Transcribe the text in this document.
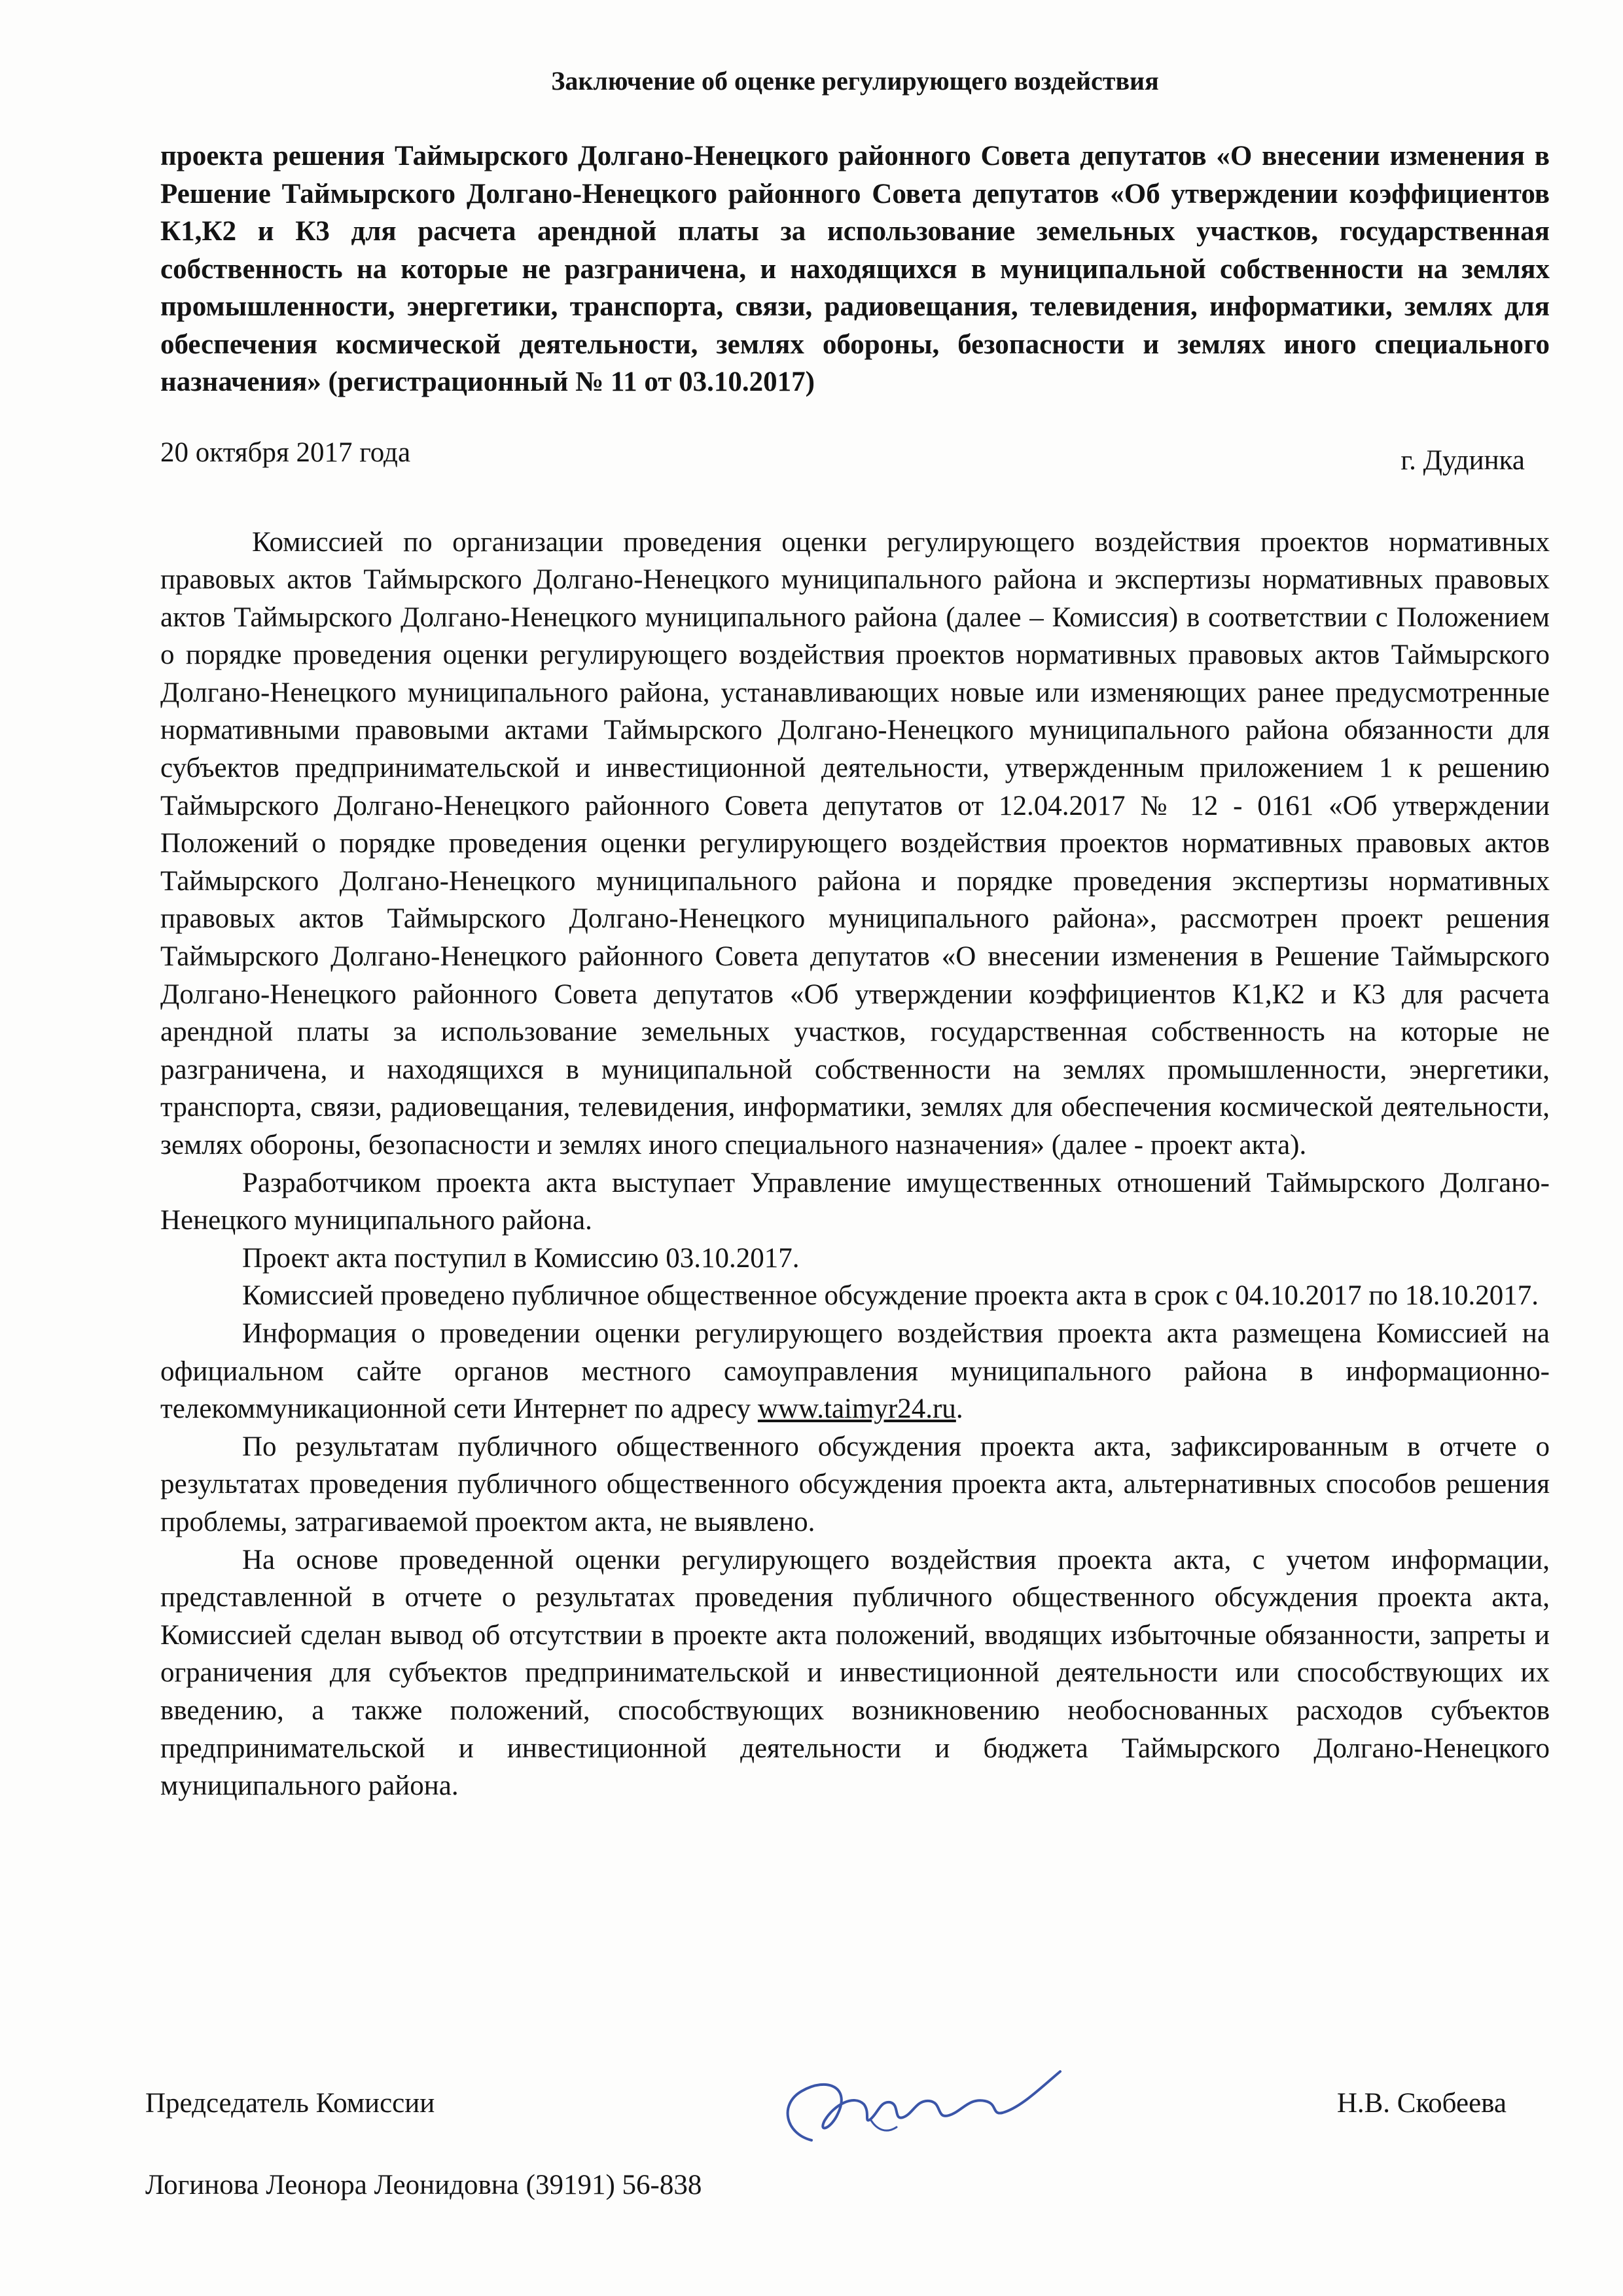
Заключение об оценке регулирующего воздействия

проекта решения Таймырского Долгано-Ненецкого районного Совета депутатов «О внесении изменения в Решение Таймырского Долгано-Ненецкого районного Совета депутатов «Об утверждении коэффициентов К1,К2 и К3 для расчета арендной платы за использование земельных участков, государственная собственность на которые не разграничена, и находящихся в муниципальной собственности на землях промышленности, энергетики, транспорта, связи, радиовещания, телевидения, информатики, землях для обеспечения космической деятельности, землях обороны, безопасности и землях иного специального назначения» (регистрационный № 11 от 03.10.2017)

20 октября 2017 года	г. Дудинка

Комиссией по организации проведения оценки регулирующего воздействия проектов нормативных правовых актов Таймырского Долгано-Ненецкого муниципального района и экспертизы нормативных правовых актов Таймырского Долгано-Ненецкого муниципального района (далее – Комиссия) в соответствии с Положением о порядке проведения оценки регулирующего воздействия проектов нормативных правовых актов Таймырского Долгано-Ненецкого муниципального района, устанавливающих новые или изменяющих ранее предусмотренные нормативными правовыми актами Таймырского Долгано-Ненецкого муниципального района обязанности для субъектов предпринимательской и инвестиционной деятельности, утвержденным приложением 1 к решению Таймырского Долгано-Ненецкого районного Совета депутатов от 12.04.2017 № 12 - 0161 «Об утверждении Положений о порядке проведения оценки регулирующего воздействия проектов нормативных правовых актов Таймырского Долгано-Ненецкого муниципального района и порядке проведения экспертизы нормативных правовых актов Таймырского Долгано-Ненецкого муниципального района», рассмотрен проект решения Таймырского Долгано-Ненецкого районного Совета депутатов «О внесении изменения в Решение Таймырского Долгано-Ненецкого районного Совета депутатов «Об утверждении коэффициентов К1,К2 и К3 для расчета арендной платы за использование земельных участков, государственная собственность на которые не разграничена, и находящихся в муниципальной собственности на землях промышленности, энергетики, транспорта, связи, радиовещания, телевидения, информатики, землях для обеспечения космической деятельности, землях обороны, безопасности и землях иного специального назначения» (далее - проект акта).

Разработчиком проекта акта выступает Управление имущественных отношений Таймырского Долгано-Ненецкого муниципального района.

Проект акта поступил в Комиссию 03.10.2017.

Комиссией проведено публичное общественное обсуждение проекта акта в срок с 04.10.2017 по 18.10.2017.

Информация о проведении оценки регулирующего воздействия проекта акта размещена Комиссией на официальном сайте органов местного самоуправления муниципального района в информационно-телекоммуникационной сети Интернет по адресу www.taimyr24.ru.

По результатам публичного общественного обсуждения проекта акта, зафиксированным в отчете о результатах проведения публичного общественного обсуждения проекта акта, альтернативных способов решения проблемы, затрагиваемой проектом акта, не выявлено.

На основе проведенной оценки регулирующего воздействия проекта акта, с учетом информации, представленной в отчете о результатах проведения публичного общественного обсуждения проекта акта, Комиссией сделан вывод об отсутствии в проекте акта положений, вводящих избыточные обязанности, запреты и ограничения для субъектов предпринимательской и инвестиционной деятельности или способствующих их введению, а также положений, способствующих возникновению необоснованных расходов субъектов предпринимательской и инвестиционной деятельности и бюджета Таймырского Долгано-Ненецкого муниципального района.

Председатель Комиссии	Н.В. Скобеева
Логинова Леонора Леонидовна (39191) 56-838
